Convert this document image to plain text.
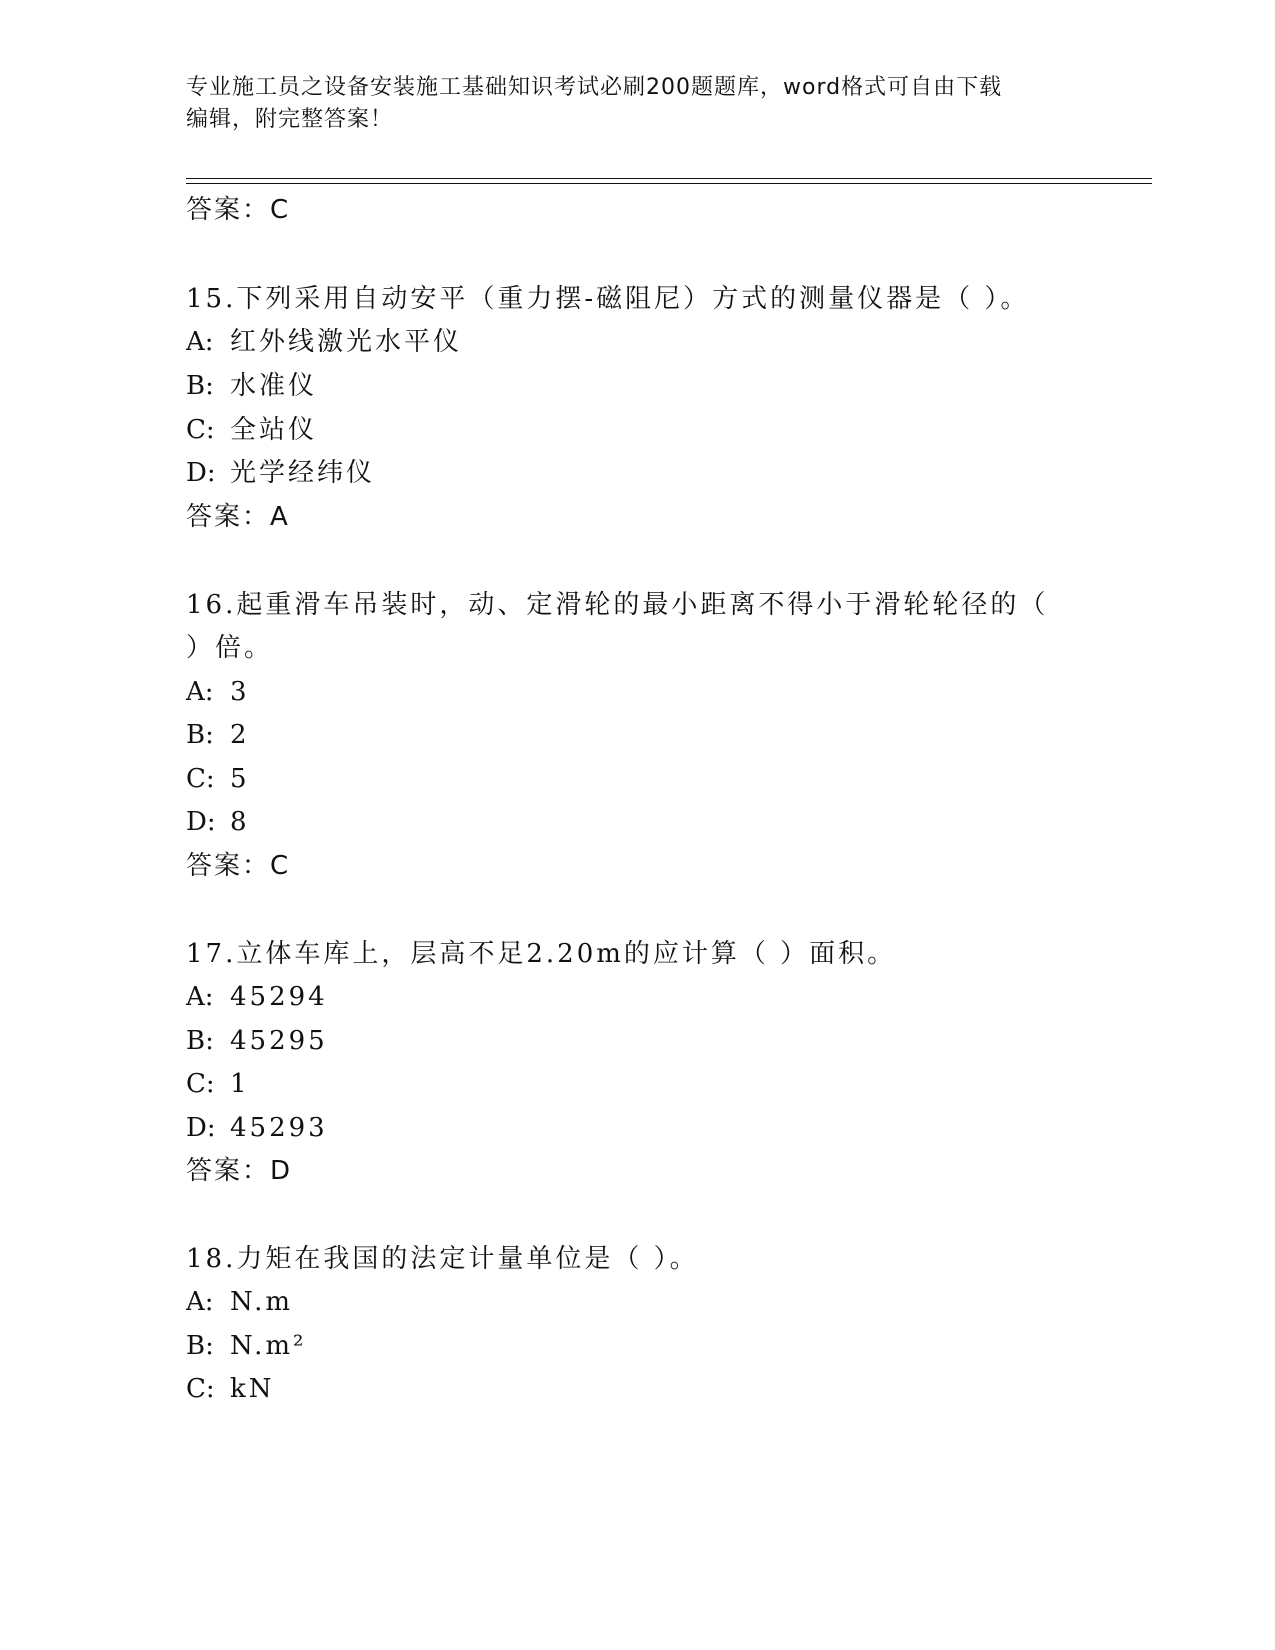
专业施工员之设备安装施工基础知识考试必刷200题题库，word格式可自由下载
编辑，附完整答案！
答案：C
15.下列采用自动安平（重力摆-磁阻尼）方式的测量仪器是（ ）。
A: 红外线激光水平仪
B: 水准仪
C: 全站仪
D: 光学经纬仪
答案：A
16.起重滑车吊装时，动、定滑轮的最小距离不得小于滑轮轮径的（
）倍。
A: 3
B: 2
C: 5
D: 8
答案：C
17.立体车库上，层高不足2.20m的应计算（ ）面积。
A: 45294
B: 45295
C: 1
D: 45293
答案：D
18.力矩在我国的法定计量单位是（ ）。
A: N.m
B: N.m²
C: kN
